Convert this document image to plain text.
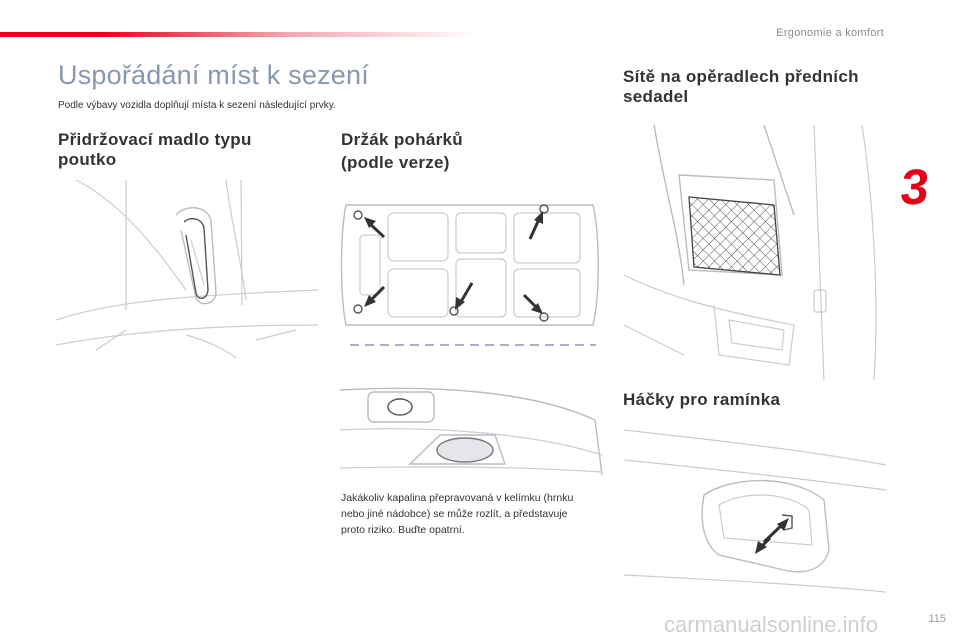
Ergonomie a komfort
3
Uspořádání míst k sezení
Podle výbavy vozidla doplňují místa k sezení následující prvky.
Přidržovací madlo typu poutko
Držák pohárků
(podle verze)
Sítě na opěradlech předních sedadel
Háčky pro ramínka
Jakákoliv kapalina přepravovaná v kelímku (hrnku nebo jiné nádobce) se může rozlít, a představuje proto riziko. Buďte opatrní.
115
carmanualsonline.info
